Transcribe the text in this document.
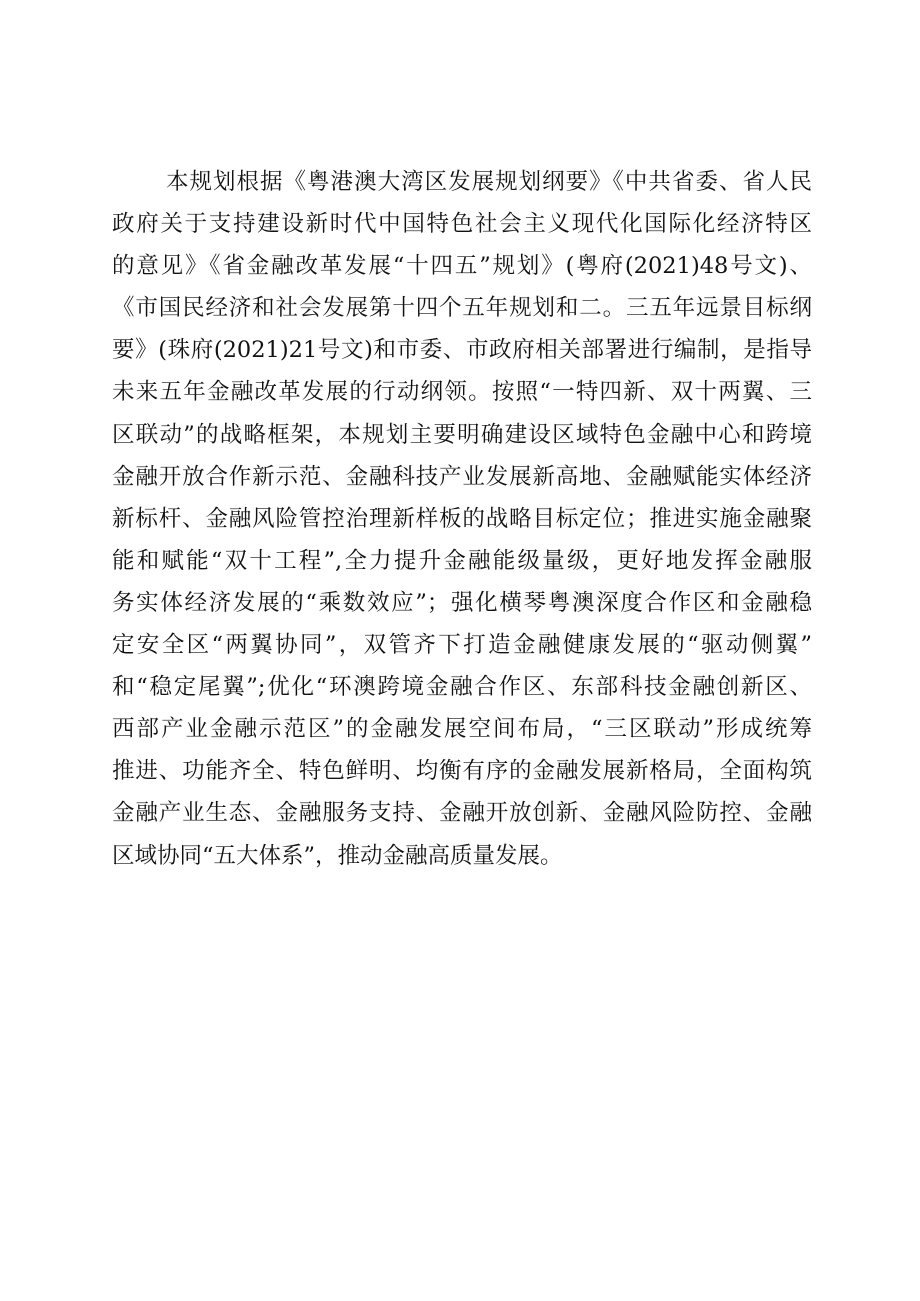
本规划根据《粤港澳大湾区发展规划纲要》《中共省委、省人民
政府关于支持建设新时代中国特色社会主义现代化国际化经济特区
的意见》《省金融改革发展“十四五”规划》(粤府(2021)48号文)、
《市国民经济和社会发展第十四个五年规划和二。三五年远景目标纲
要》(珠府(2021)21号文)和市委、市政府相关部署进行编制，是指导
未来五年金融改革发展的行动纲领。按照“一特四新、双十两翼、三
区联动”的战略框架，本规划主要明确建设区域特色金融中心和跨境
金融开放合作新示范、金融科技产业发展新高地、金融赋能实体经济
新标杆、金融风险管控治理新样板的战略目标定位；推进实施金融聚
能和赋能“双十工程”,全力提升金融能级量级，更好地发挥金融服
务实体经济发展的“乘数效应”；强化横琴粤澳深度合作区和金融稳
定安全区“两翼协同”，双管齐下打造金融健康发展的“驱动侧翼”
和“稳定尾翼”;优化“环澳跨境金融合作区、东部科技金融创新区、
西部产业金融示范区”的金融发展空间布局，“三区联动”形成统筹
推进、功能齐全、特色鲜明、均衡有序的金融发展新格局，全面构筑
金融产业生态、金融服务支持、金融开放创新、金融风险防控、金融
区域协同“五大体系”，推动金融高质量发展。
